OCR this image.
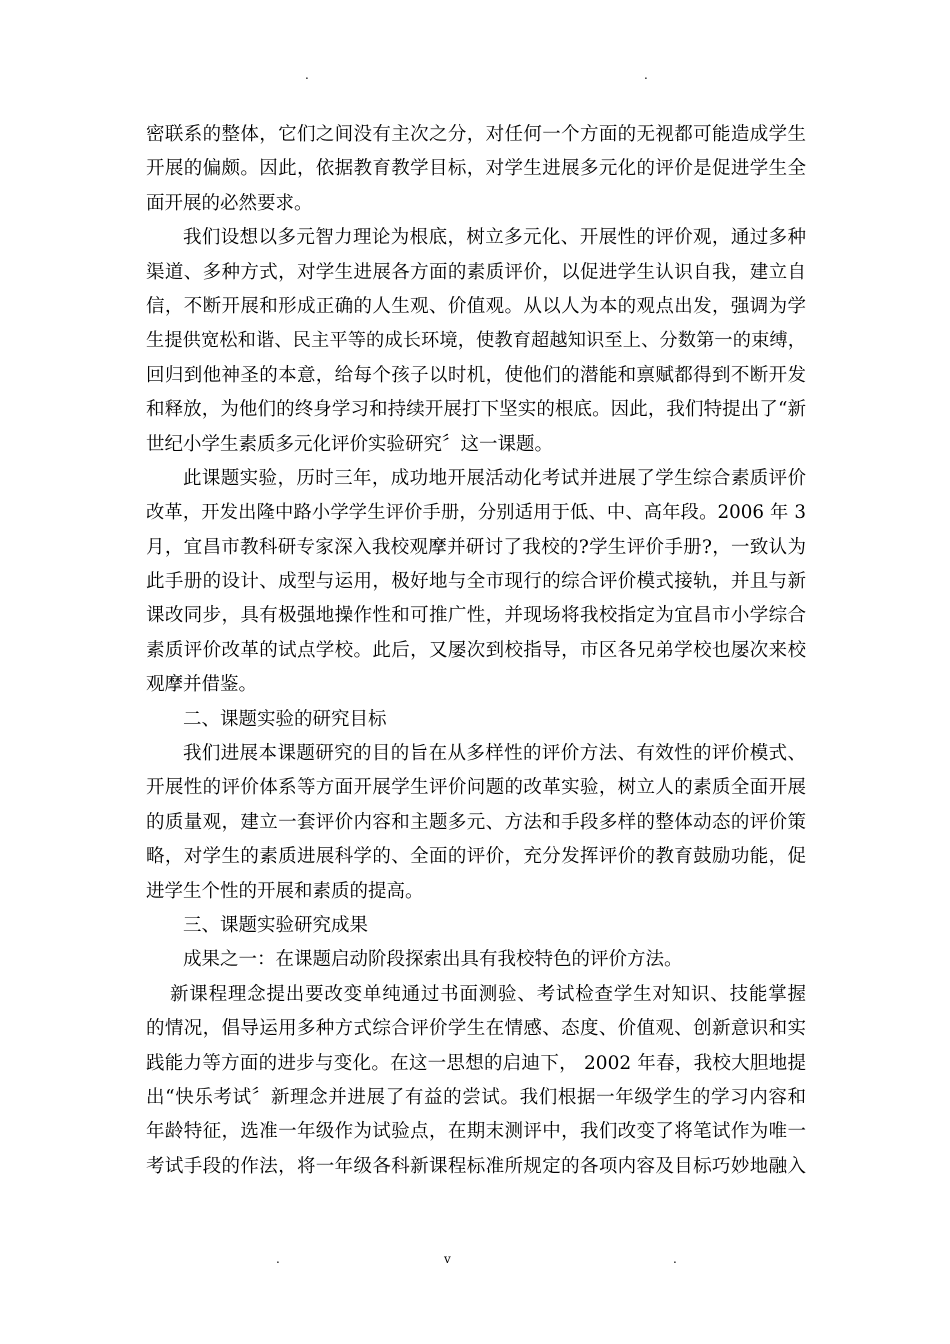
.	.
密联系的整体，它们之间没有主次之分，对任何一个方面的无视都可能造成学生
开展的偏颇。因此，依据教育教学目标，对学生进展多元化的评价是促进学生全
面开展的必然要求。
我们设想以多元智力理论为根底，树立多元化、开展性的评价观，通过多种
渠道、多种方式，对学生进展各方面的素质评价，以促进学生认识自我，建立自
信，不断开展和形成正确的人生观、价值观。从以人为本的观点出发，强调为学
生提供宽松和谐、民主平等的成长环境，使教育超越知识至上、分数第一的束缚，
回归到他神圣的本意，给每个孩子以时机，使他们的潜能和禀赋都得到不断开发
和释放，为他们的终身学习和持续开展打下坚实的根底。因此，我们特提出了“新
世纪小学生素质多元化评价实验研究〞这一课题。
此课题实验，历时三年，成功地开展活动化考试并进展了学生综合素质评价
改革，开发出隆中路小学学生评价手册，分别适用于低、中、高年段。2006 年 3
月，宜昌市教科研专家深入我校观摩并研讨了我校的?学生评价手册?，一致认为
此手册的设计、成型与运用，极好地与全市现行的综合评价模式接轨，并且与新
课改同步，具有极强地操作性和可推广性，并现场将我校指定为宜昌市小学综合
素质评价改革的试点学校。此后，又屡次到校指导，市区各兄弟学校也屡次来校
观摩并借鉴。
二、课题实验的研究目标
我们进展本课题研究的目的旨在从多样性的评价方法、有效性的评价模式、
开展性的评价体系等方面开展学生评价问题的改革实验，树立人的素质全面开展
的质量观，建立一套评价内容和主题多元、方法和手段多样的整体动态的评价策
略，对学生的素质进展科学的、全面的评价，充分发挥评价的教育鼓励功能，促
进学生个性的开展和素质的提高。
三、课题实验研究成果
成果之一：在课题启动阶段探索出具有我校特色的评价方法。
新课程理念提出要改变单纯通过书面测验、考试检查学生对知识、技能掌握
的情况，倡导运用多种方式综合评价学生在情感、态度、价值观、创新意识和实
践能力等方面的进步与变化。在这一思想的启迪下， 2002 年春，我校大胆地提
出“快乐考试〞新理念并进展了有益的尝试。我们根据一年级学生的学习内容和
年龄特征，选准一年级作为试验点，在期末测评中，我们改变了将笔试作为唯一
考试手段的作法，将一年级各科新课程标准所规定的各项内容及目标巧妙地融入
.	v	.
